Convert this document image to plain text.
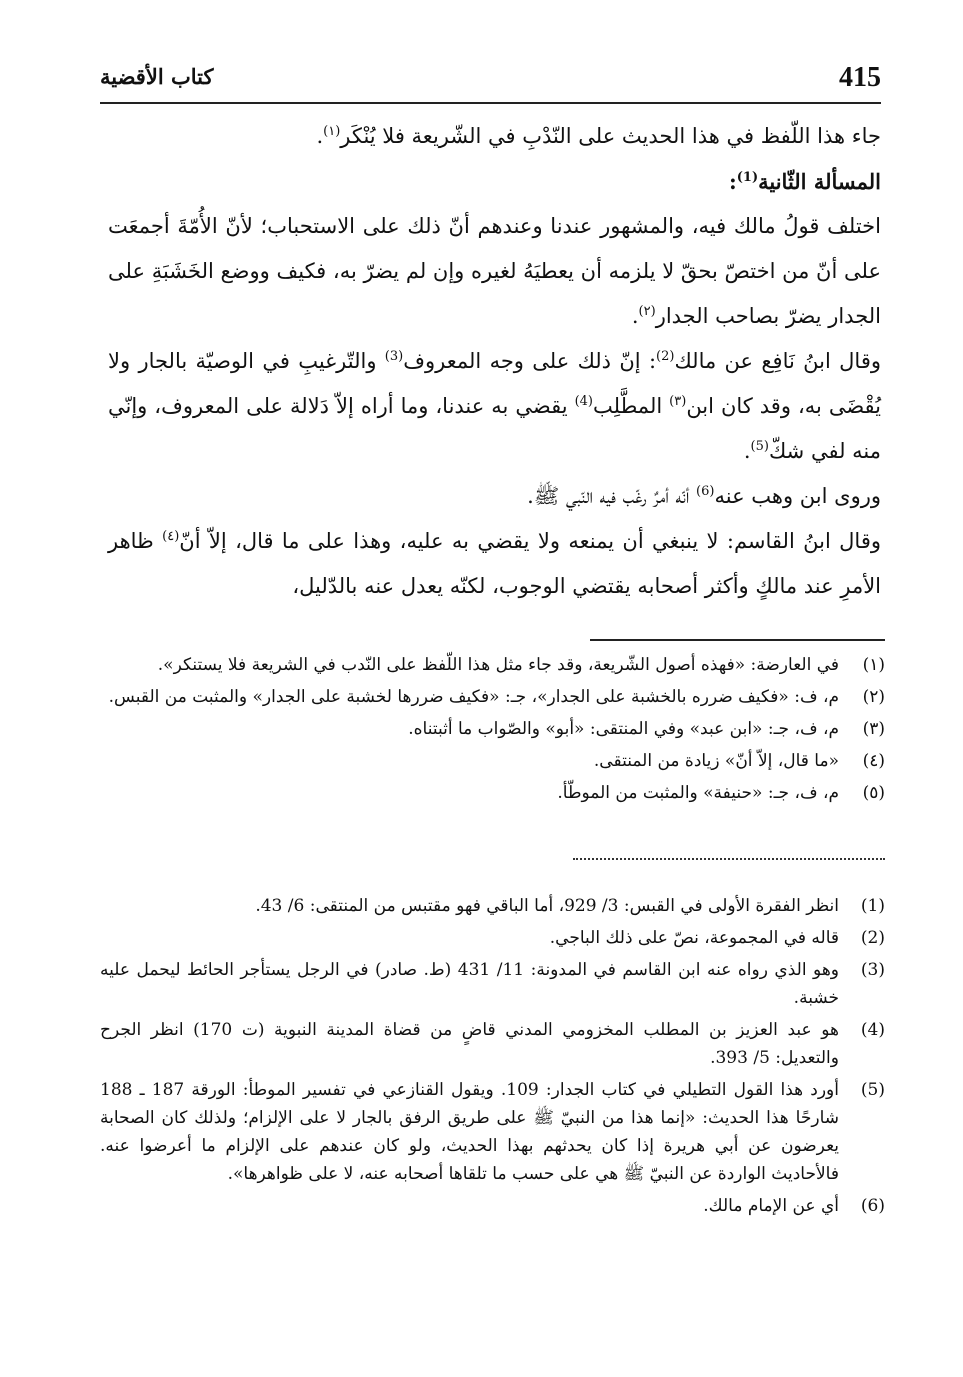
415
كتاب الأقضية

جاء هذا اللّفظ في هذا الحديث على النّدْبِ في الشّريعة فلا يُنْكَر$^{(١)}$.

المسألة الثّانية$^{(1)}$:

اختلف قولُ مالك فيه، والمشهور عندنا وعندهم أنّ ذلك على الاستحباب؛ لأنّ الأُمّةَ أجمعَت على أنّ من اختصّ بحقّ لا يلزمه أن يعطيَهُ لغيره وإن لم يضرّ به، فكيف ووضع الخَشَبَةِ على الجدار يضرّ بصاحب الجدار$^{(٢)}$.

وقال ابنُ نَافِع عن مالك$^{(2)}$: إنّ ذلك على وجه المعروف$^{(3)}$ والتّرغيبِ في الوصيّة بالجار ولا يُقْضَى به، وقد كان ابن$^{(٣)}$ المطَّلِب$^{(4)}$ يقضي به عندنا، وما أراه إلاّ دَلالة على المعروف، وإنّي منه لفي شكّ$^{(5)}$.

وروى ابن وهب عنه$^{(6)}$ أنّه أمرٌ رغّب فيه النّبي ﷺ.

وقال ابنُ القاسم: لا ينبغي أن يمنعه ولا يقضي به عليه، وهذا على ما قال، إلاّ أنّ$^{(٤)}$ ظاهر الأمرِ عند مالكٍ وأكثر أصحابه يقتضي الوجوب، لكنّه يعدل عنه بالدّليل،

(١)
في العارضة: «فهذه أصول الشّريعة، وقد جاء مثل هذا اللّفظ على النّدب في الشريعة فلا يستنكر».
(٢)
م، ف: «فكيف ضرره بالخشبة على الجدار»، جـ: «فكيف ضررها لخشبة على الجدار» والمثبت من القبس.
(٣)
م، ف، جـ: «ابن عبد» وفي المنتقى: «أبو» والصّواب ما أثبتناه.
(٤)
«ما قال، إلاّ أنّ» زيادة من المنتقى.
(٥)
م، ف، جـ: «حنيفة» والمثبت من الموطّأ.
(1)
انظر الفقرة الأولى في القبس: 3/ 929، أما الباقي فهو مقتبس من المنتقى: 6/ 43.
(2)
قاله في المجموعة، نصّ على ذلك الباجي.
(3)
وهو الذي رواه عنه ابن القاسم في المدونة: 11/ 431 (ط. صادر) في الرجل يستأجر الحائط ليحمل عليه خشبة.
(4)
هو عبد العزيز بن المطلب المخزومي المدني قاضٍ من قضاة المدينة النبوية (ت 170) انظر الجرح والتعديل: 5/ 393.
(5)
أورد هذا القول التطيلي في كتاب الجدار: 109. ويقول القنازعي في تفسير الموطأ: الورقة 187 ـ 188 شارحًا هذا الحديث: «إنما هذا من النبيّ ﷺ على طريق الرفق بالجار لا على الإلزام؛ ولذلك كان الصحابة يعرضون عن أبي هريرة إذا كان يحدثهم بهذا الحديث، ولو كان عندهم على الإلزام ما أعرضوا عنه. فالأحاديث الواردة عن النبيّ ﷺ هي على حسب ما تلقاها أصحابه عنه، لا على ظواهرها».
(6)
أي عن الإمام مالك.
